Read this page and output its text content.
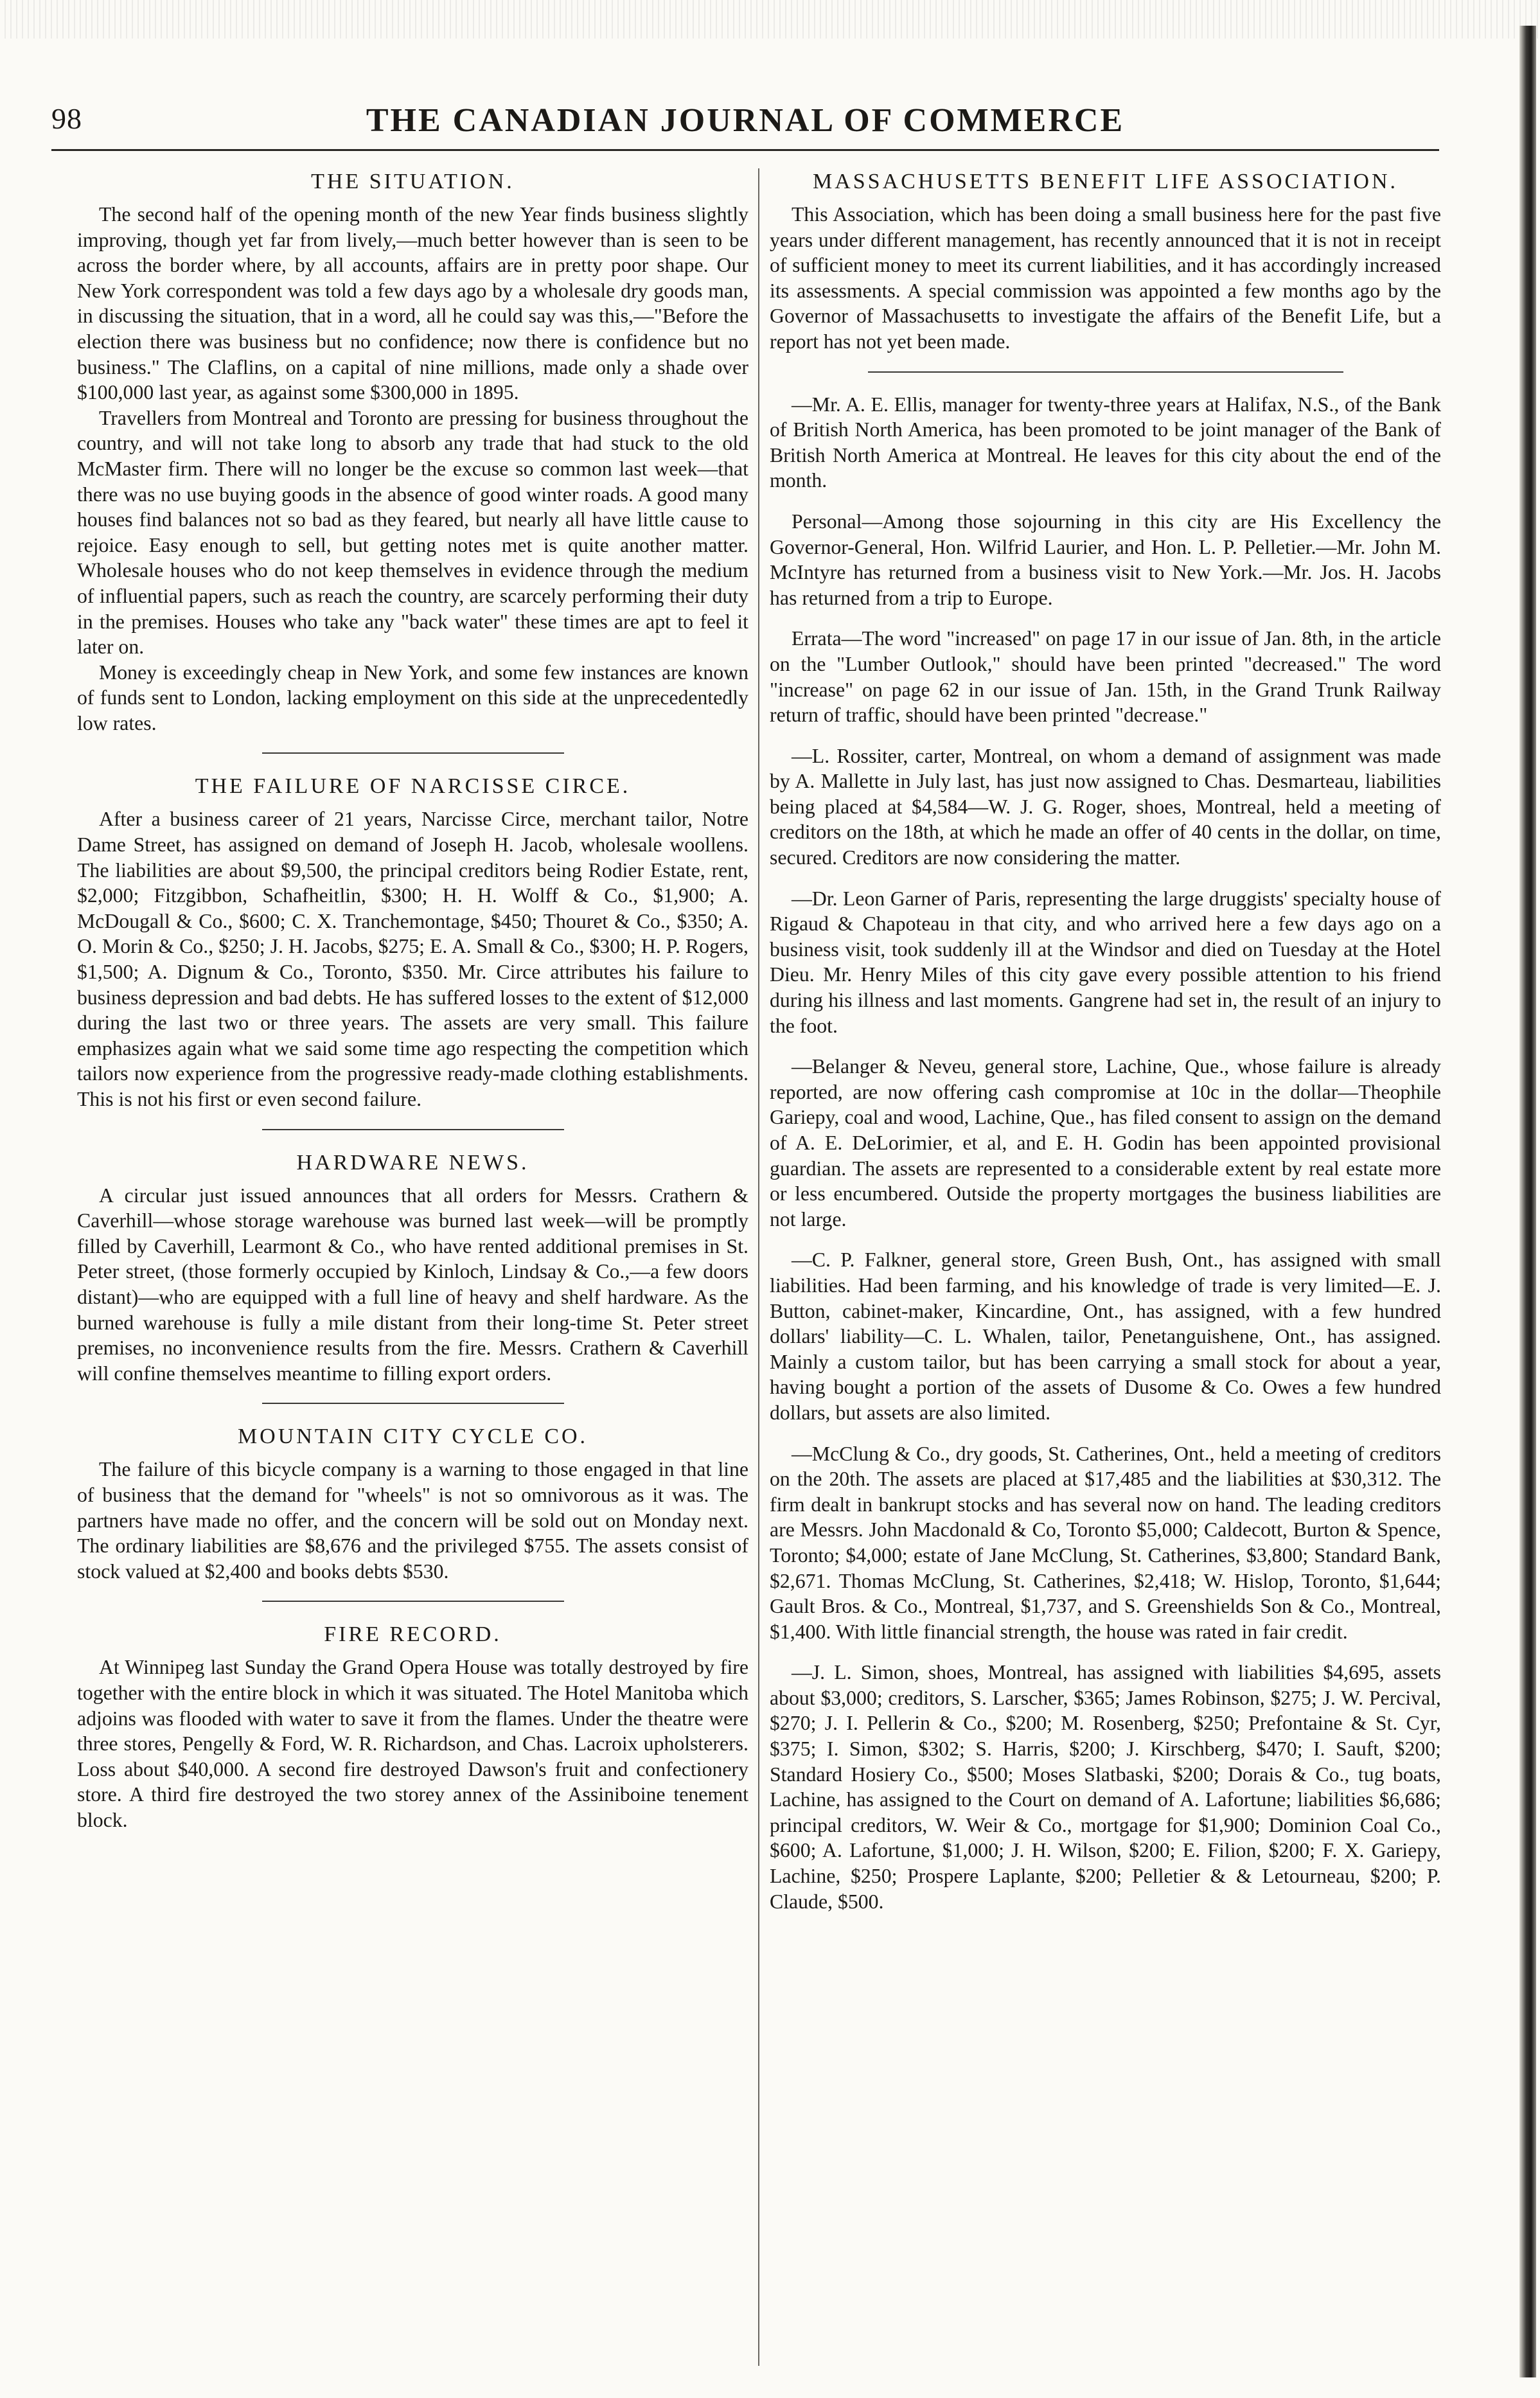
98	THE CANADIAN JOURNAL OF COMMERCE
THE SITUATION.

The second half of the opening month of the new Year finds business slightly improving, though yet far from lively,—much better however than is seen to be across the border where, by all accounts, affairs are in pretty poor shape. Our New York correspondent was told a few days ago by a wholesale dry goods man, in discussing the situation, that in a word, all he could say was this,—"Before the election there was business but no confidence; now there is confidence but no business." The Claflins, on a capital of nine millions, made only a shade over $100,000 last year, as against some $300,000 in 1895.

Travellers from Montreal and Toronto are pressing for business throughout the country, and will not take long to absorb any trade that had stuck to the old McMaster firm. There will no longer be the excuse so common last week—that there was no use buying goods in the absence of good winter roads. A good many houses find balances not so bad as they feared, but nearly all have little cause to rejoice. Easy enough to sell, but getting notes met is quite another matter. Wholesale houses who do not keep themselves in evidence through the medium of influential papers, such as reach the country, are scarcely performing their duty in the premises. Houses who take any "back water" these times are apt to feel it later on.

Money is exceedingly cheap in New York, and some few instances are known of funds sent to London, lacking employment on this side at the unprecedentedly low rates.

THE FAILURE OF NARCISSE CIRCE.

After a business career of 21 years, Narcisse Circe, merchant tailor, Notre Dame Street, has assigned on demand of Joseph H. Jacob, wholesale woollens. The liabilities are about $9,500, the principal creditors being Rodier Estate, rent, $2,000; Fitzgibbon, Schafheitlin, $300; H. H. Wolff & Co., $1,900; A. McDougall & Co., $600; C. X. Tranchemontage, $450; Thouret & Co., $350; A. O. Morin & Co., $250; J. H. Jacobs, $275; E. A. Small & Co., $300; H. P. Rogers, $1,500; A. Dignum & Co., Toronto, $350. Mr. Circe attributes his failure to business depression and bad debts. He has suffered losses to the extent of $12,000 during the last two or three years. The assets are very small. This failure emphasizes again what we said some time ago respecting the competition which tailors now experience from the progressive ready-made clothing establishments. This is not his first or even second failure.

HARDWARE NEWS.

A circular just issued announces that all orders for Messrs. Crathern & Caverhill—whose storage warehouse was burned last week—will be promptly filled by Caverhill, Learmont & Co., who have rented additional premises in St. Peter street, (those formerly occupied by Kinloch, Lindsay & Co.,—a few doors distant)—who are equipped with a full line of heavy and shelf hardware. As the burned warehouse is fully a mile distant from their long-time St. Peter street premises, no inconvenience results from the fire. Messrs. Crathern & Caverhill will confine themselves meantime to filling export orders.

MOUNTAIN CITY CYCLE CO.

The failure of this bicycle company is a warning to those engaged in that line of business that the demand for "wheels" is not so omnivorous as it was. The partners have made no offer, and the concern will be sold out on Monday next. The ordinary liabilities are $8,676 and the privileged $755. The assets consist of stock valued at $2,400 and books debts $530.

FIRE RECORD.

At Winnipeg last Sunday the Grand Opera House was totally destroyed by fire together with the entire block in which it was situated. The Hotel Manitoba which adjoins was flooded with water to save it from the flames. Under the theatre were three stores, Pengelly & Ford, W. R. Richardson, and Chas. Lacroix upholsterers. Loss about $40,000. A second fire destroyed Dawson's fruit and confectionery store. A third fire destroyed the two storey annex of the Assiniboine tenement block.

MASSACHUSETTS BENEFIT LIFE ASSOCIATION.

This Association, which has been doing a small business here for the past five years under different management, has recently announced that it is not in receipt of sufficient money to meet its current liabilities, and it has accordingly increased its assessments. A special commission was appointed a few months ago by the Governor of Massachusetts to investigate the affairs of the Benefit Life, but a report has not yet been made.

—Mr. A. E. Ellis, manager for twenty-three years at Halifax, N.S., of the Bank of British North America, has been promoted to be joint manager of the Bank of British North America at Montreal. He leaves for this city about the end of the month.

Personal—Among those sojourning in this city are His Excellency the Governor-General, Hon. Wilfrid Laurier, and Hon. L. P. Pelletier.—Mr. John M. McIntyre has returned from a business visit to New York.—Mr. Jos. H. Jacobs has returned from a trip to Europe.

Errata—The word "increased" on page 17 in our issue of Jan. 8th, in the article on the "Lumber Outlook," should have been printed "decreased." The word "increase" on page 62 in our issue of Jan. 15th, in the Grand Trunk Railway return of traffic, should have been printed "decrease."

—L. Rossiter, carter, Montreal, on whom a demand of assignment was made by A. Mallette in July last, has just now assigned to Chas. Desmarteau, liabilities being placed at $4,584—W. J. G. Roger, shoes, Montreal, held a meeting of creditors on the 18th, at which he made an offer of 40 cents in the dollar, on time, secured. Creditors are now considering the matter.

—Dr. Leon Garner of Paris, representing the large druggists' specialty house of Rigaud & Chapoteau in that city, and who arrived here a few days ago on a business visit, took suddenly ill at the Windsor and died on Tuesday at the Hotel Dieu. Mr. Henry Miles of this city gave every possible attention to his friend during his illness and last moments. Gangrene had set in, the result of an injury to the foot.

—Belanger & Neveu, general store, Lachine, Que., whose failure is already reported, are now offering cash compromise at 10c in the dollar—Theophile Gariepy, coal and wood, Lachine, Que., has filed consent to assign on the demand of A. E. DeLorimier, et al, and E. H. Godin has been appointed provisional guardian. The assets are represented to a considerable extent by real estate more or less encumbered. Outside the property mortgages the business liabilities are not large.

—C. P. Falkner, general store, Green Bush, Ont., has assigned with small liabilities. Had been farming, and his knowledge of trade is very limited—E. J. Button, cabinet-maker, Kincardine, Ont., has assigned, with a few hundred dollars' liability—C. L. Whalen, tailor, Penetanguishene, Ont., has assigned. Mainly a custom tailor, but has been carrying a small stock for about a year, having bought a portion of the assets of Dusome & Co. Owes a few hundred dollars, but assets are also limited.

—McClung & Co., dry goods, St. Catherines, Ont., held a meeting of creditors on the 20th. The assets are placed at $17,485 and the liabilities at $30,312. The firm dealt in bankrupt stocks and has several now on hand. The leading creditors are Messrs. John Macdonald & Co, Toronto $5,000; Caldecott, Burton & Spence, Toronto; $4,000; estate of Jane McClung, St. Catherines, $3,800; Standard Bank, $2,671. Thomas McClung, St. Catherines, $2,418; W. Hislop, Toronto, $1,644; Gault Bros. & Co., Montreal, $1,737, and S. Greenshields Son & Co., Montreal, $1,400. With little financial strength, the house was rated in fair credit.

—J. L. Simon, shoes, Montreal, has assigned with liabilities $4,695, assets about $3,000; creditors, S. Larscher, $365; James Robinson, $275; J. W. Percival, $270; J. I. Pellerin & Co., $200; M. Rosenberg, $250; Prefontaine & St. Cyr, $375; I. Simon, $302; S. Harris, $200; J. Kirschberg, $470; I. Sauft, $200; Standard Hosiery Co., $500; Moses Slatbaski, $200; Dorais & Co., tug boats, Lachine, has assigned to the Court on demand of A. Lafortune; liabilities $6,686; principal creditors, W. Weir & Co., mortgage for $1,900; Dominion Coal Co., $600; A. Lafortune, $1,000; J. H. Wilson, $200; E. Filion, $200; F. X. Gariepy, Lachine, $250; Prospere Laplante, $200; Pelletier & & Letourneau, $200; P. Claude, $500.
